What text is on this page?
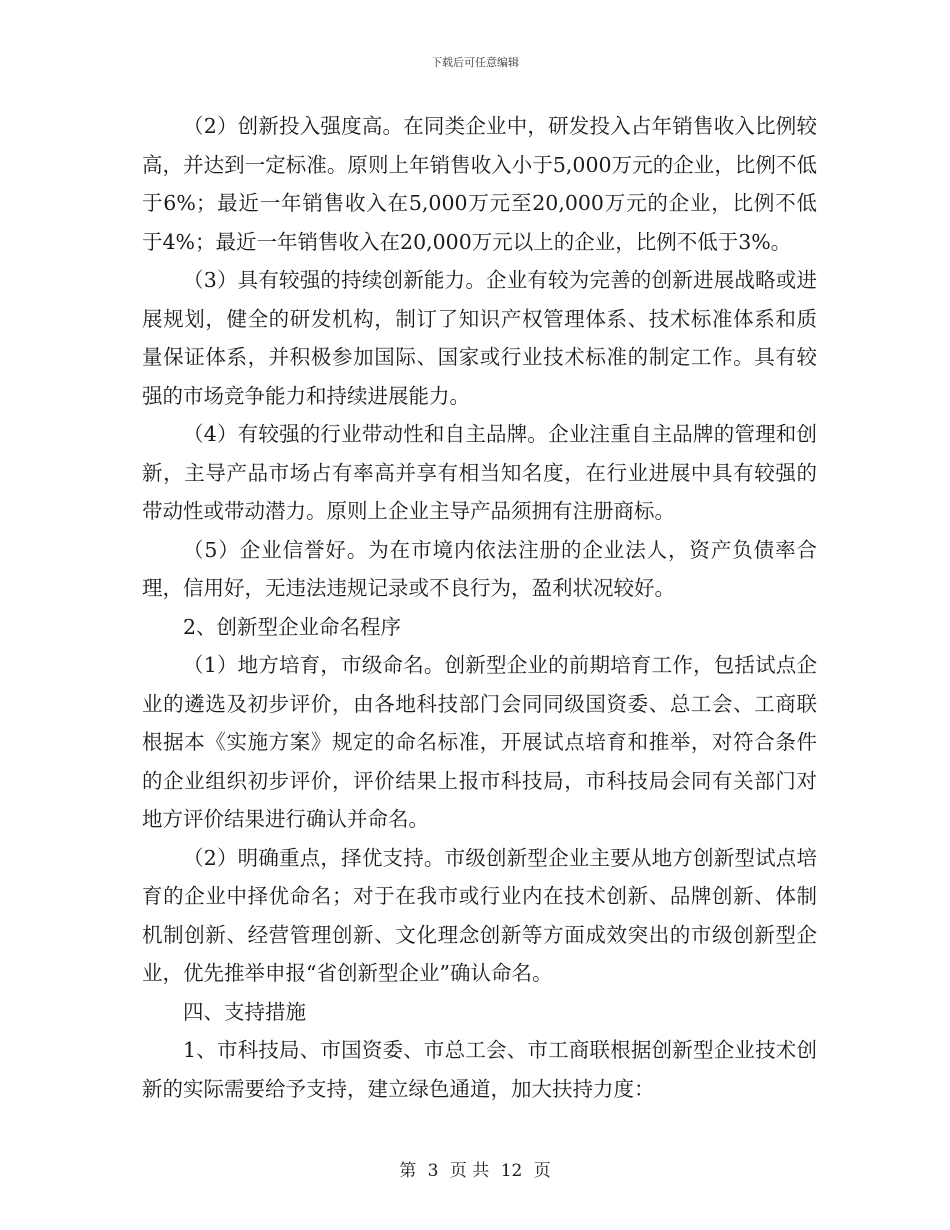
下载后可任意编辑

（2）创新投入强度高。在同类企业中，研发投入占年销售收入比例较高，并达到一定标准。原则上年销售收入小于5,000万元的企业，比例不低于6%；最近一年销售收入在5,000万元至20,000万元的企业，比例不低于4%；最近一年销售收入在20,000万元以上的企业，比例不低于3%。

（3）具有较强的持续创新能力。企业有较为完善的创新进展战略或进展规划，健全的研发机构，制订了知识产权管理体系、技术标准体系和质量保证体系，并积极参加国际、国家或行业技术标准的制定工作。具有较强的市场竞争能力和持续进展能力。

（4）有较强的行业带动性和自主品牌。企业注重自主品牌的管理和创新，主导产品市场占有率高并享有相当知名度，在行业进展中具有较强的带动性或带动潜力。原则上企业主导产品须拥有注册商标。

（5）企业信誉好。为在市境内依法注册的企业法人，资产负债率合理，信用好，无违法违规记录或不良行为，盈利状况较好。

2、创新型企业命名程序

（1）地方培育，市级命名。创新型企业的前期培育工作，包括试点企业的遴选及初步评价，由各地科技部门会同同级国资委、总工会、工商联根据本《实施方案》规定的命名标准，开展试点培育和推举，对符合条件的企业组织初步评价，评价结果上报市科技局，市科技局会同有关部门对地方评价结果进行确认并命名。

（2）明确重点，择优支持。市级创新型企业主要从地方创新型试点培育的企业中择优命名；对于在我市或行业内在技术创新、品牌创新、体制机制创新、经营管理创新、文化理念创新等方面成效突出的市级创新型企业，优先推举申报“省创新型企业”确认命名。

四、支持措施

1、市科技局、市国资委、市总工会、市工商联根据创新型企业技术创新的实际需要给予支持，建立绿色通道，加大扶持力度：

第 3 页 共 12 页
